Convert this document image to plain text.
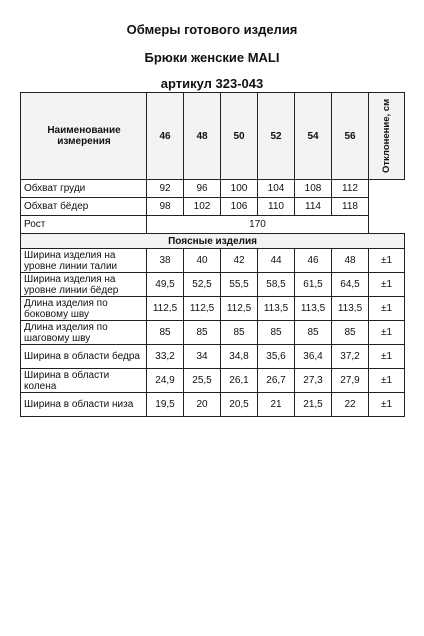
Обмеры готового изделия
Брюки женские MALI
артикул 323-043
Наименование измерения	46	48	50	52	54	56	Отклонение, см

Обхват груди	92	96	100	104	108	112	
Обхват бёдер	98	102	106	110	114	118	
Рост	170						
Поясные изделия							
Ширина изделия на уровне линии талии	38	40	42	44	46	48	±1
Ширина изделия на уровне линии бёдер	49,5	52,5	55,5	58,5	61,5	64,5	±1
Длина изделия по боковому шву	112,5	112,5	112,5	113,5	113,5	113,5	±1
Длина изделия по шаговому шву	85	85	85	85	85	85	±1
Ширина в области бедра	33,2	34	34,8	35,6	36,4	37,2	±1
Ширина в области колена	24,9	25,5	26,1	26,7	27,3	27,9	±1
Ширина в области низа	19,5	20	20,5	21	21,5	22	±1
